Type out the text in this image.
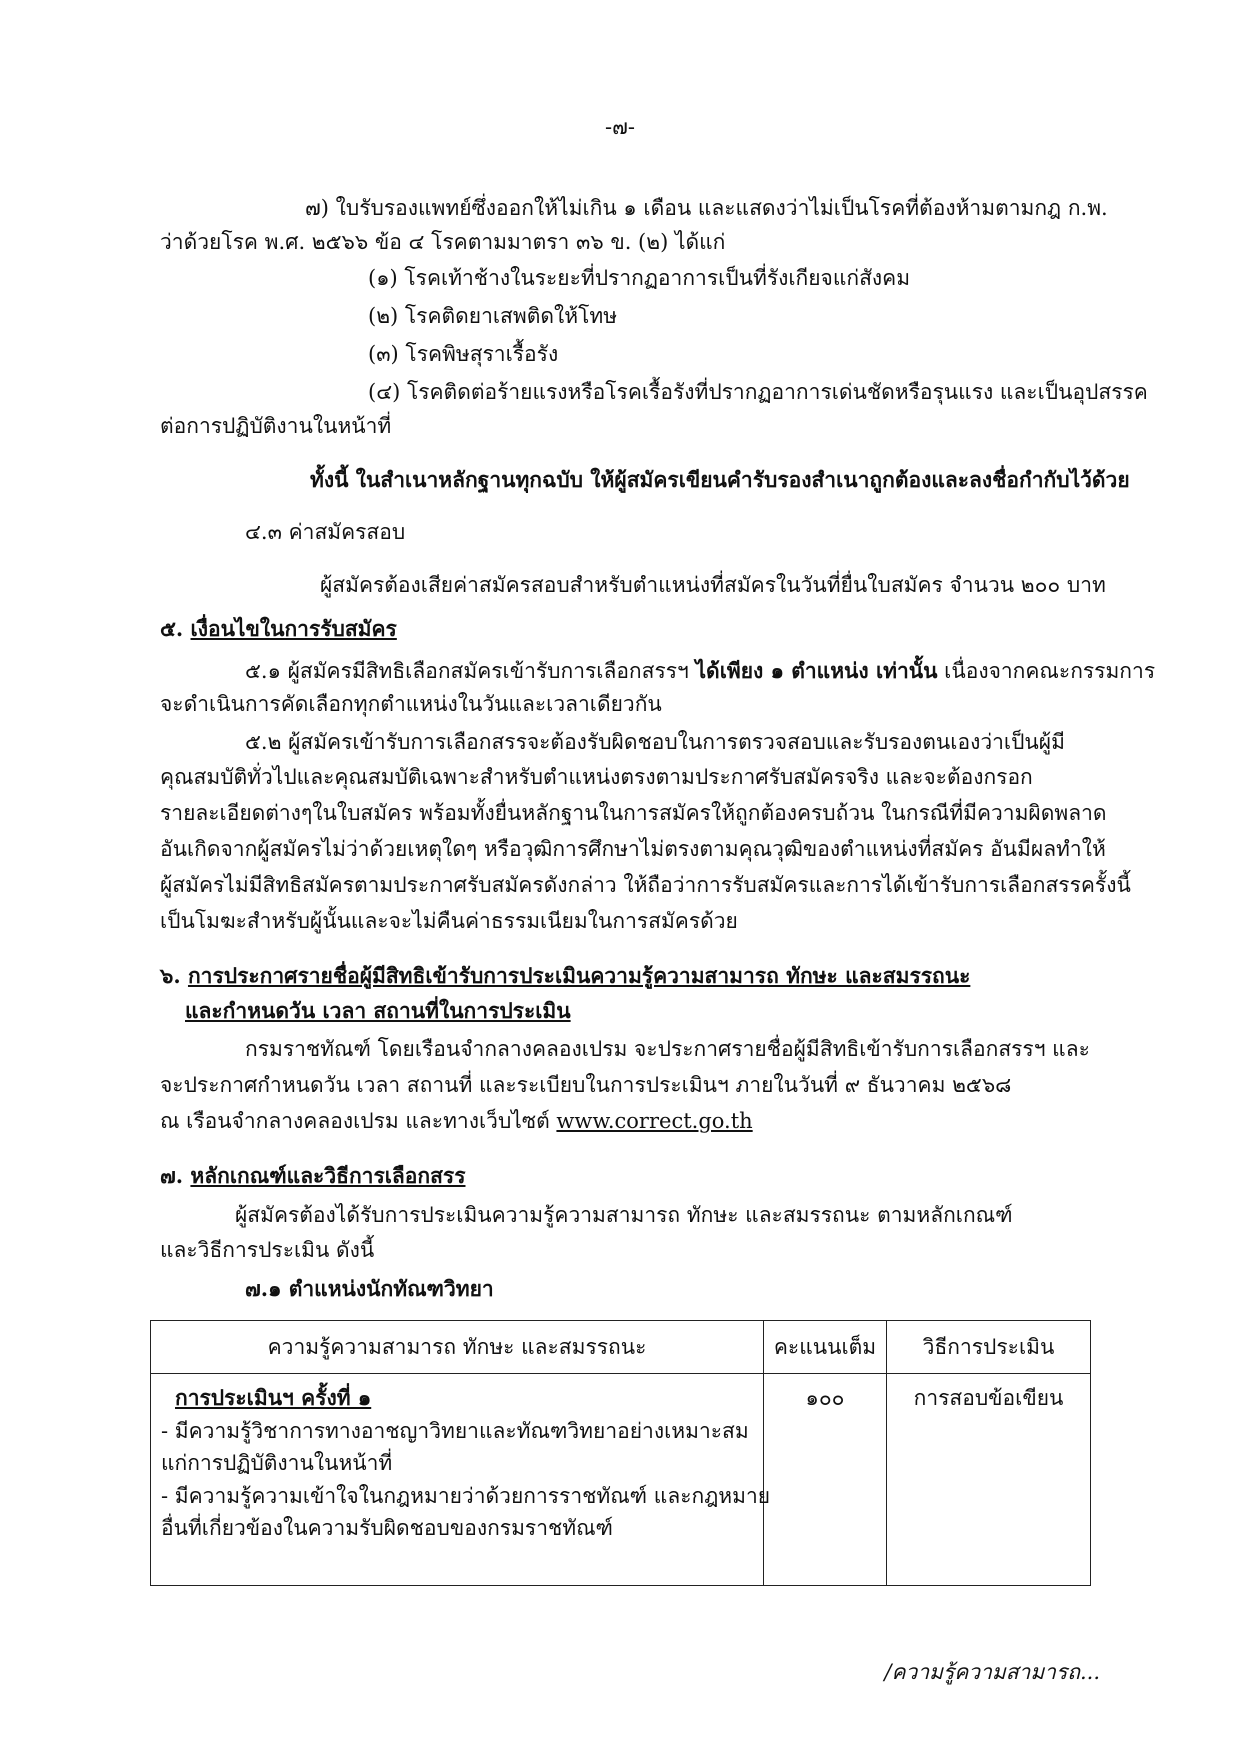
-๗-
๗) ใบรับรองแพทย์ซึ่งออกให้ไม่เกิน ๑ เดือน และแสดงว่าไม่เป็นโรคที่ต้องห้ามตามกฎ ก.พ.
ว่าด้วยโรค พ.ศ. ๒๕๖๖ ข้อ ๔ โรคตามมาตรา ๓๖ ข. (๒) ได้แก่
(๑) โรคเท้าช้างในระยะที่ปรากฏอาการเป็นที่รังเกียจแก่สังคม
(๒) โรคติดยาเสพติดให้โทษ
(๓) โรคพิษสุราเรื้อรัง
(๔) โรคติดต่อร้ายแรงหรือโรคเรื้อรังที่ปรากฏอาการเด่นชัดหรือรุนแรง และเป็นอุปสรรค
ต่อการปฏิบัติงานในหน้าที่
ทั้งนี้ ในสำเนาหลักฐานทุกฉบับ ให้ผู้สมัครเขียนคำรับรองสำเนาถูกต้องและลงชื่อกำกับไว้ด้วย
๔.๓ ค่าสมัครสอบ
ผู้สมัครต้องเสียค่าสมัครสอบสำหรับตำแหน่งที่สมัครในวันที่ยื่นใบสมัคร จำนวน ๒๐๐ บาท
๕. เงื่อนไขในการรับสมัคร
๕.๑ ผู้สมัครมีสิทธิเลือกสมัครเข้ารับการเลือกสรรฯ ได้เพียง ๑ ตำแหน่ง เท่านั้น เนื่องจากคณะกรรมการ
จะดำเนินการคัดเลือกทุกตำแหน่งในวันและเวลาเดียวกัน
๕.๒ ผู้สมัครเข้ารับการเลือกสรรจะต้องรับผิดชอบในการตรวจสอบและรับรองตนเองว่าเป็นผู้มี
คุณสมบัติทั่วไปและคุณสมบัติเฉพาะสำหรับตำแหน่งตรงตามประกาศรับสมัครจริง และจะต้องกรอก
รายละเอียดต่างๆในใบสมัคร พร้อมทั้งยื่นหลักฐานในการสมัครให้ถูกต้องครบถ้วน ในกรณีที่มีความผิดพลาด
อันเกิดจากผู้สมัครไม่ว่าด้วยเหตุใดๆ หรือวุฒิการศึกษาไม่ตรงตามคุณวุฒิของตำแหน่งที่สมัคร อันมีผลทำให้
ผู้สมัครไม่มีสิทธิสมัครตามประกาศรับสมัครดังกล่าว ให้ถือว่าการรับสมัครและการได้เข้ารับการเลือกสรรครั้งนี้
เป็นโมฆะสำหรับผู้นั้นและจะไม่คืนค่าธรรมเนียมในการสมัครด้วย
๖. การประกาศรายชื่อผู้มีสิทธิเข้ารับการประเมินความรู้ความสามารถ ทักษะ และสมรรถนะ
และกำหนดวัน เวลา สถานที่ในการประเมิน
กรมราชทัณฑ์ โดยเรือนจำกลางคลองเปรม จะประกาศรายชื่อผู้มีสิทธิเข้ารับการเลือกสรรฯ และ
จะประกาศกำหนดวัน เวลา สถานที่ และระเบียบในการประเมินฯ ภายในวันที่ ๙ ธันวาคม ๒๕๖๘
ณ เรือนจำกลางคลองเปรม และทางเว็บไซต์ www.correct.go.th
๗. หลักเกณฑ์และวิธีการเลือกสรร
ผู้สมัครต้องได้รับการประเมินความรู้ความสามารถ ทักษะ และสมรรถนะ ตามหลักเกณฑ์
และวิธีการประเมิน ดังนี้
๗.๑ ตำแหน่งนักทัณฑวิทยา
ความรู้ความสามารถ ทักษะ และสมรรถนะ	คะแนนเต็ม	วิธีการประเมิน

การประเมินฯ ครั้งที่ ๑
- มีความรู้วิชาการทางอาชญาวิทยาและทัณฑวิทยาอย่างเหมาะสม
แก่การปฏิบัติงานในหน้าที่
- มีความรู้ความเข้าใจในกฎหมายว่าด้วยการราชทัณฑ์ และกฎหมาย
อื่นที่เกี่ยวข้องในความรับผิดชอบของกรมราชทัณฑ์	๑๐๐	การสอบข้อเขียน
/ความรู้ความสามารถ...
